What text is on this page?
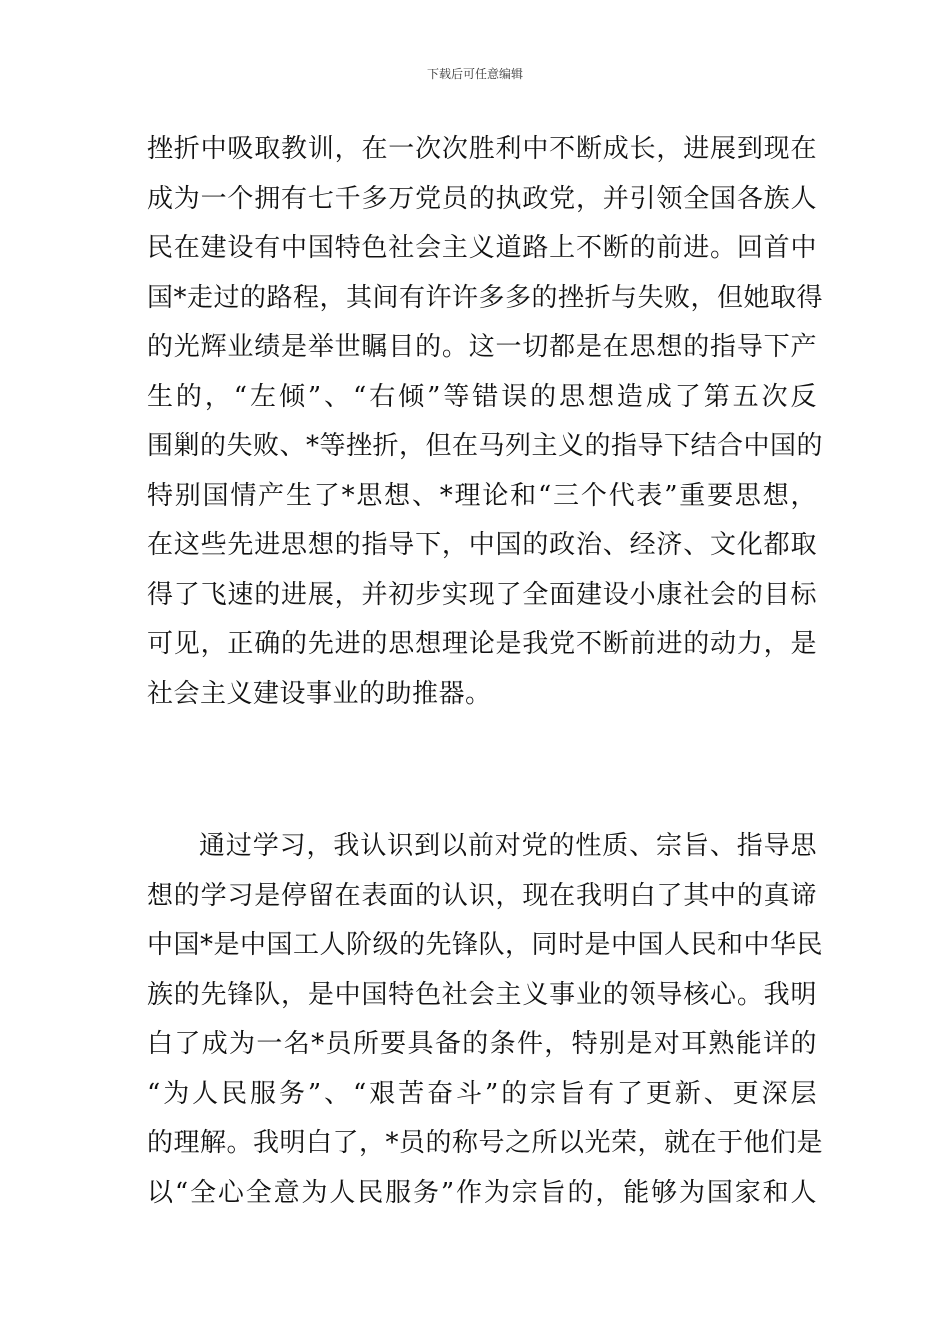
下载后可任意编辑
挫折中吸取教训，在一次次胜利中不断成长，进展到现在
成为一个拥有七千多万党员的执政党，并引领全国各族人
民在建设有中国特色社会主义道路上不断的前进。回首中
国*走过的路程，其间有许许多多的挫折与失败，但她取得
的光辉业绩是举世瞩目的。这一切都是在思想的指导下产
生的，“左倾”、“右倾”等错误的思想造成了第五次反
围剿的失败、*等挫折，但在马列主义的指导下结合中国的
特别国情产生了*思想、*理论和“三个代表”重要思想，
在这些先进思想的指导下，中国的政治、经济、文化都取
得了飞速的进展，并初步实现了全面建设小康社会的目标
可见，正确的先进的思想理论是我党不断前进的动力，是
社会主义建设事业的助推器。
通过学习，我认识到以前对党的性质、宗旨、指导思
想的学习是停留在表面的认识，现在我明白了其中的真谛
中国*是中国工人阶级的先锋队，同时是中国人民和中华民
族的先锋队，是中国特色社会主义事业的领导核心。我明
白了成为一名*员所要具备的条件，特别是对耳熟能详的
“为人民服务”、“艰苦奋斗”的宗旨有了更新、更深层
的理解。我明白了，*员的称号之所以光荣，就在于他们是
以“全心全意为人民服务”作为宗旨的，能够为国家和人
